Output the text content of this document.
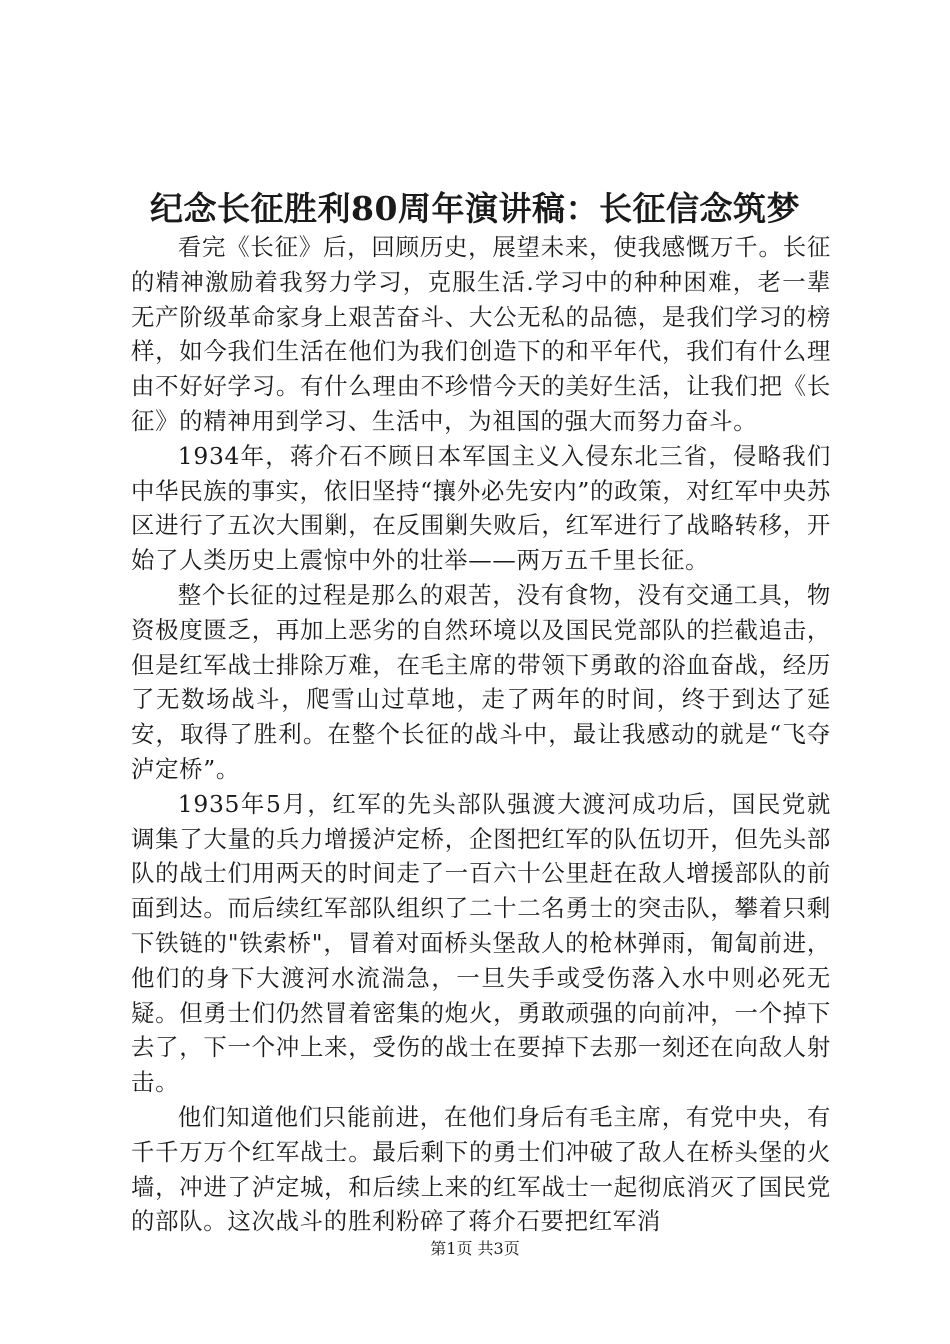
纪念长征胜利80周年演讲稿：长征信念筑梦

看完《长征》后，回顾历史，展望未来，使我感慨万千。长征的精神激励着我努力学习，克服生活.学习中的种种困难，老一辈无产阶级革命家身上艰苦奋斗、大公无私的品德，是我们学习的榜样，如今我们生活在他们为我们创造下的和平年代，我们有什么理由不好好学习。有什么理由不珍惜今天的美好生活，让我们把《长征》的精神用到学习、生活中，为祖国的强大而努力奋斗。

1934年，蒋介石不顾日本军国主义入侵东北三省，侵略我们中华民族的事实，依旧坚持“攘外必先安内”的政策，对红军中央苏区进行了五次大围剿，在反围剿失败后，红军进行了战略转移，开始了人类历史上震惊中外的壮举——两万五千里长征。

整个长征的过程是那么的艰苦，没有食物，没有交通工具，物资极度匮乏，再加上恶劣的自然环境以及国民党部队的拦截追击，但是红军战士排除万难，在毛主席的带领下勇敢的浴血奋战，经历了无数场战斗，爬雪山过草地，走了两年的时间，终于到达了延安，取得了胜利。在整个长征的战斗中，最让我感动的就是“飞夺泸定桥”。

1935年5月，红军的先头部队强渡大渡河成功后，国民党就调集了大量的兵力增援泸定桥，企图把红军的队伍切开，但先头部队的战士们用两天的时间走了一百六十公里赶在敌人增援部队的前面到达。而后续红军部队组织了二十二名勇士的突击队，攀着只剩下铁链的"铁索桥"，冒着对面桥头堡敌人的枪林弹雨，匍匐前进，他们的身下大渡河水流湍急，一旦失手或受伤落入水中则必死无疑。但勇士们仍然冒着密集的炮火，勇敢顽强的向前冲，一个掉下去了，下一个冲上来，受伤的战士在要掉下去那一刻还在向敌人射击。

他们知道他们只能前进，在他们身后有毛主席，有党中央，有千千万万个红军战士。最后剩下的勇士们冲破了敌人在桥头堡的火墙，冲进了泸定城，和后续上来的红军战士一起彻底消灭了国民党的部队。这次战斗的胜利粉碎了蒋介石要把红军消

第1页 共3页
